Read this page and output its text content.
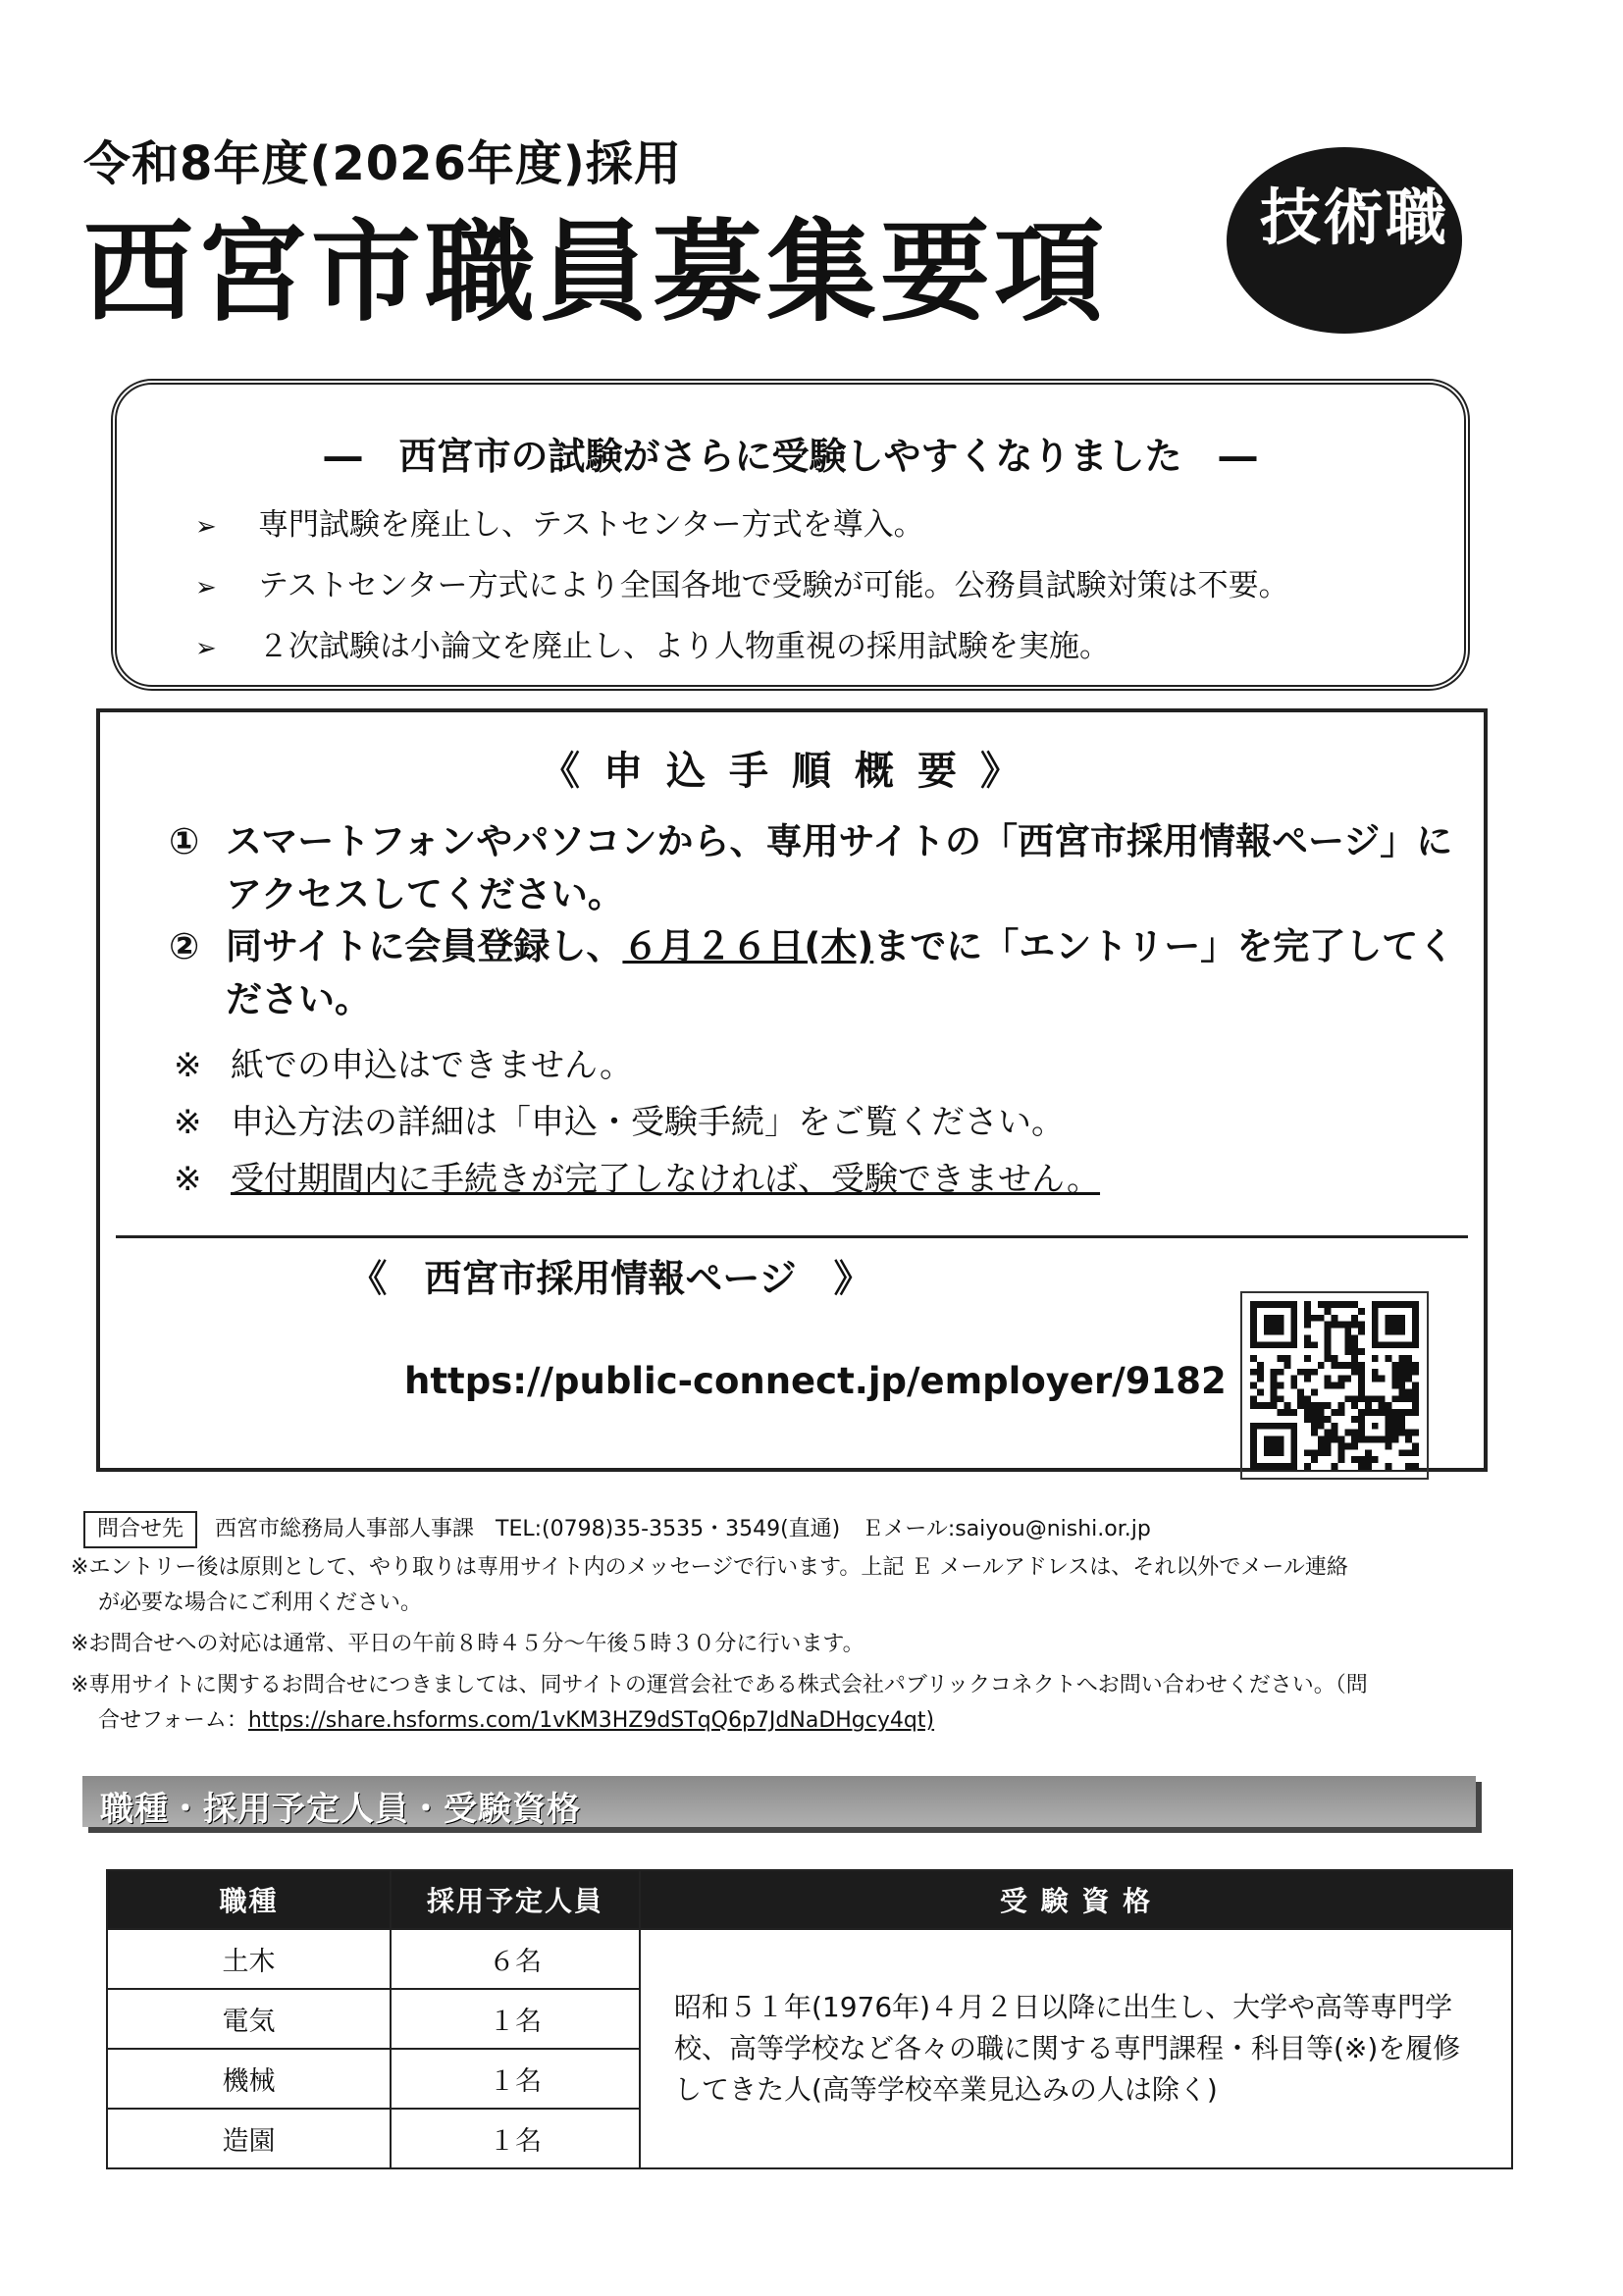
令和8年度(2026年度)採用
西宮市職員募集要項 技術職
―　西宮市の試験がさらに受験しやすくなりました　―
➢ 専門試験を廃止し、テストセンター方式を導入。
➢ テストセンター方式により全国各地で受験が可能。公務員試験対策は不要。
➢ ２次試験は小論文を廃止し、より人物重視の採用試験を実施。
《申込手順概要》
① スマートフォンやパソコンから、専用サイトの「西宮市採用情報ページ」に
アクセスしてください。
② 同サイトに会員登録し、６月２６日(木)までに「エントリー」を完了してく
ださい。
※ 紙での申込はできません。
※ 申込方法の詳細は「申込・受験手続」をご覧ください。
※ 受付期間内に手続きが完了しなければ、受験できません。
《　西宮市採用情報ページ　》
https://public-connect.jp/employer/9182
問合せ先 西宮市総務局人事部人事課　TEL:(0798)35-3535・3549(直通)　Ｅメール:saiyou@nishi.or.jp

※エントリー後は原則として、やり取りは専用サイト内のメッセージで行います。上記 Ｅ メールアドレスは、それ以外でメール連絡

が必要な場合にご利用ください。

※お問合せへの対応は通常、平日の午前８時４５分～午後５時３０分に行います。

※専用サイトに関するお問合せにつきましては、同サイトの運営会社である株式会社パブリックコネクトへお問い合わせください。（問

合せフォーム：https://share.hsforms.com/1vKM3HZ9dSTqQ6p7JdNaDHgcy4qt)

職種・採用予定人員・受験資格
職種	採用予定人員	受 験 資 格
土木	６名	昭和５１年(1976年)４月２日以降に出生し、大学や高等専門学校、高等学校など各々の職に関する専門課程・科目等(※)を履修してきた人(高等学校卒業見込みの人は除く)
電気	１名	
機械	１名	
造園	１名	
